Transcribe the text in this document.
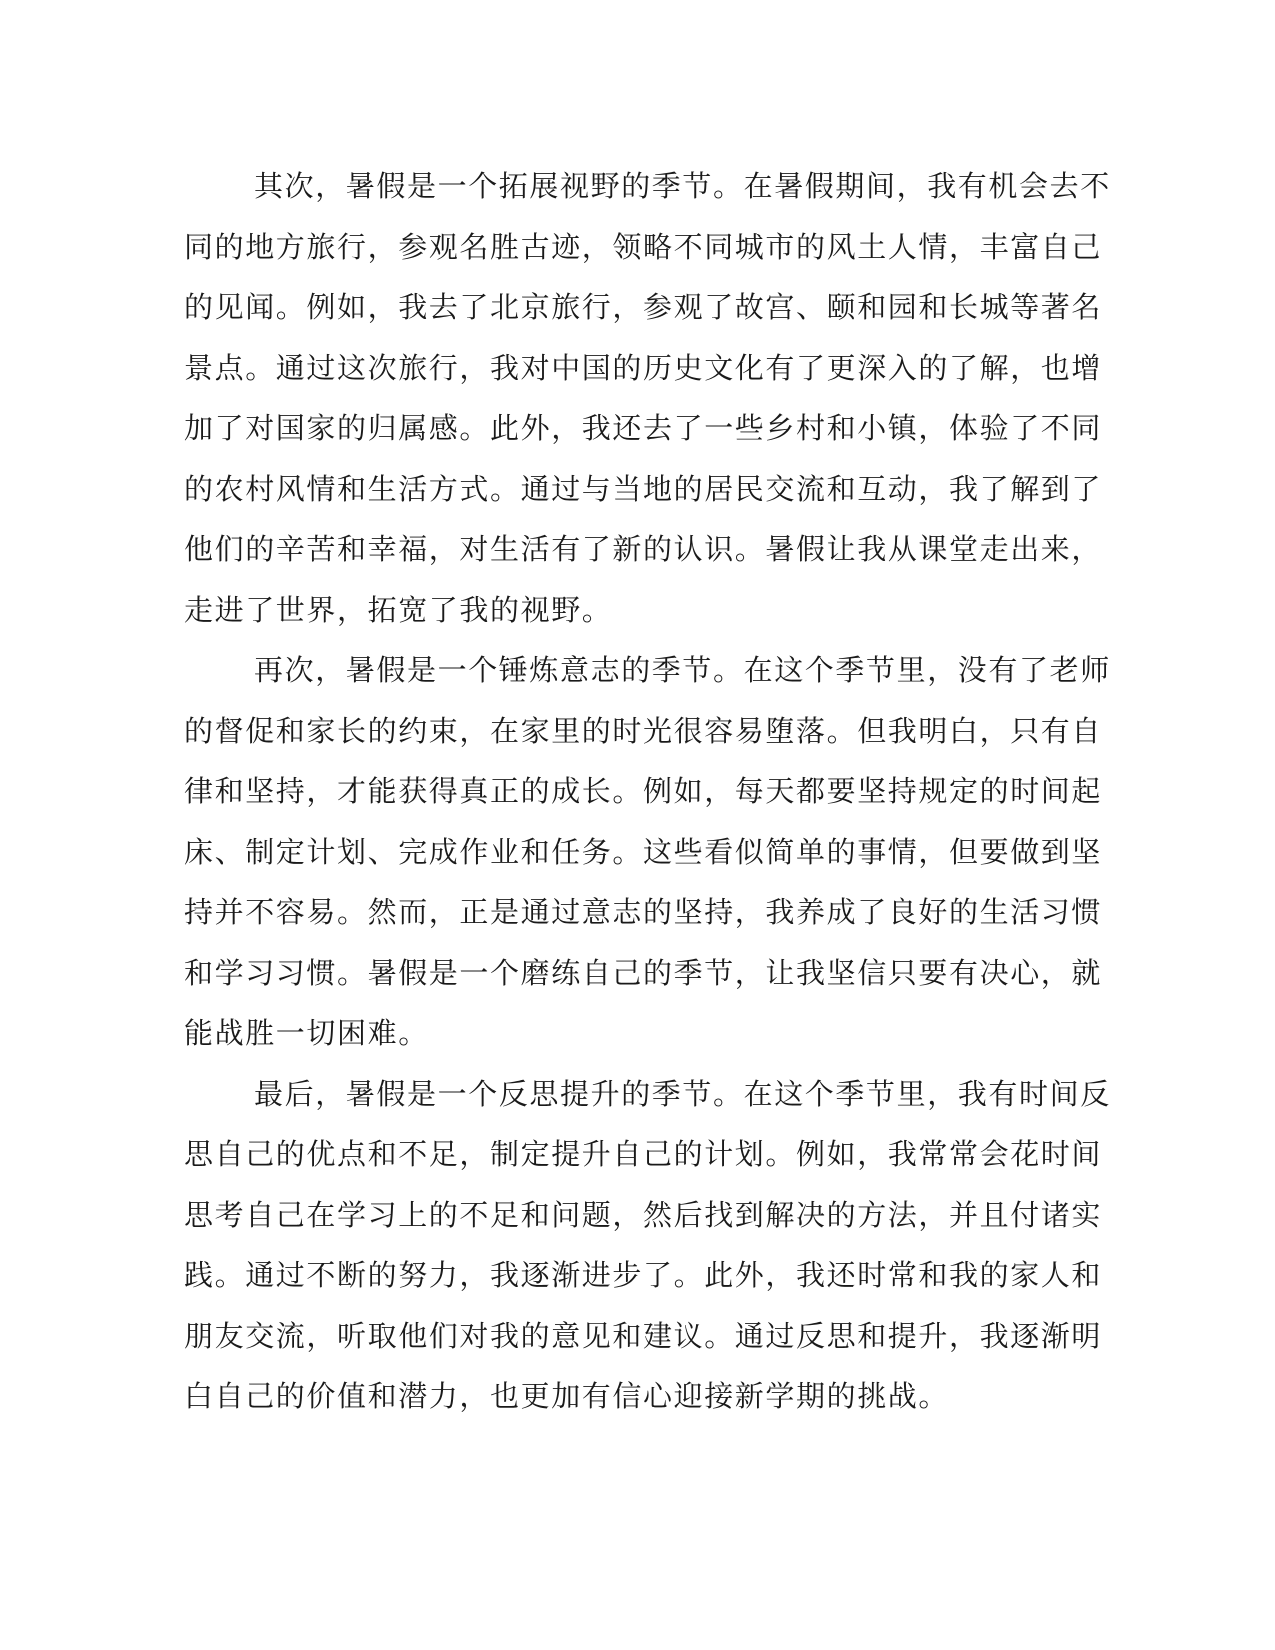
其次，暑假是一个拓展视野的季节。在暑假期间，我有机会去不
同的地方旅行，参观名胜古迹，领略不同城市的风土人情，丰富自己
的见闻。例如，我去了北京旅行，参观了故宫、颐和园和长城等著名
景点。通过这次旅行，我对中国的历史文化有了更深入的了解，也增
加了对国家的归属感。此外，我还去了一些乡村和小镇，体验了不同
的农村风情和生活方式。通过与当地的居民交流和互动，我了解到了
他们的辛苦和幸福，对生活有了新的认识。暑假让我从课堂走出来，
走进了世界，拓宽了我的视野。
再次，暑假是一个锤炼意志的季节。在这个季节里，没有了老师
的督促和家长的约束，在家里的时光很容易堕落。但我明白，只有自
律和坚持，才能获得真正的成长。例如，每天都要坚持规定的时间起
床、制定计划、完成作业和任务。这些看似简单的事情，但要做到坚
持并不容易。然而，正是通过意志的坚持，我养成了良好的生活习惯
和学习习惯。暑假是一个磨练自己的季节，让我坚信只要有决心，就
能战胜一切困难。
最后，暑假是一个反思提升的季节。在这个季节里，我有时间反
思自己的优点和不足，制定提升自己的计划。例如，我常常会花时间
思考自己在学习上的不足和问题，然后找到解决的方法，并且付诸实
践。通过不断的努力，我逐渐进步了。此外，我还时常和我的家人和
朋友交流，听取他们对我的意见和建议。通过反思和提升，我逐渐明
白自己的价值和潜力，也更加有信心迎接新学期的挑战。
